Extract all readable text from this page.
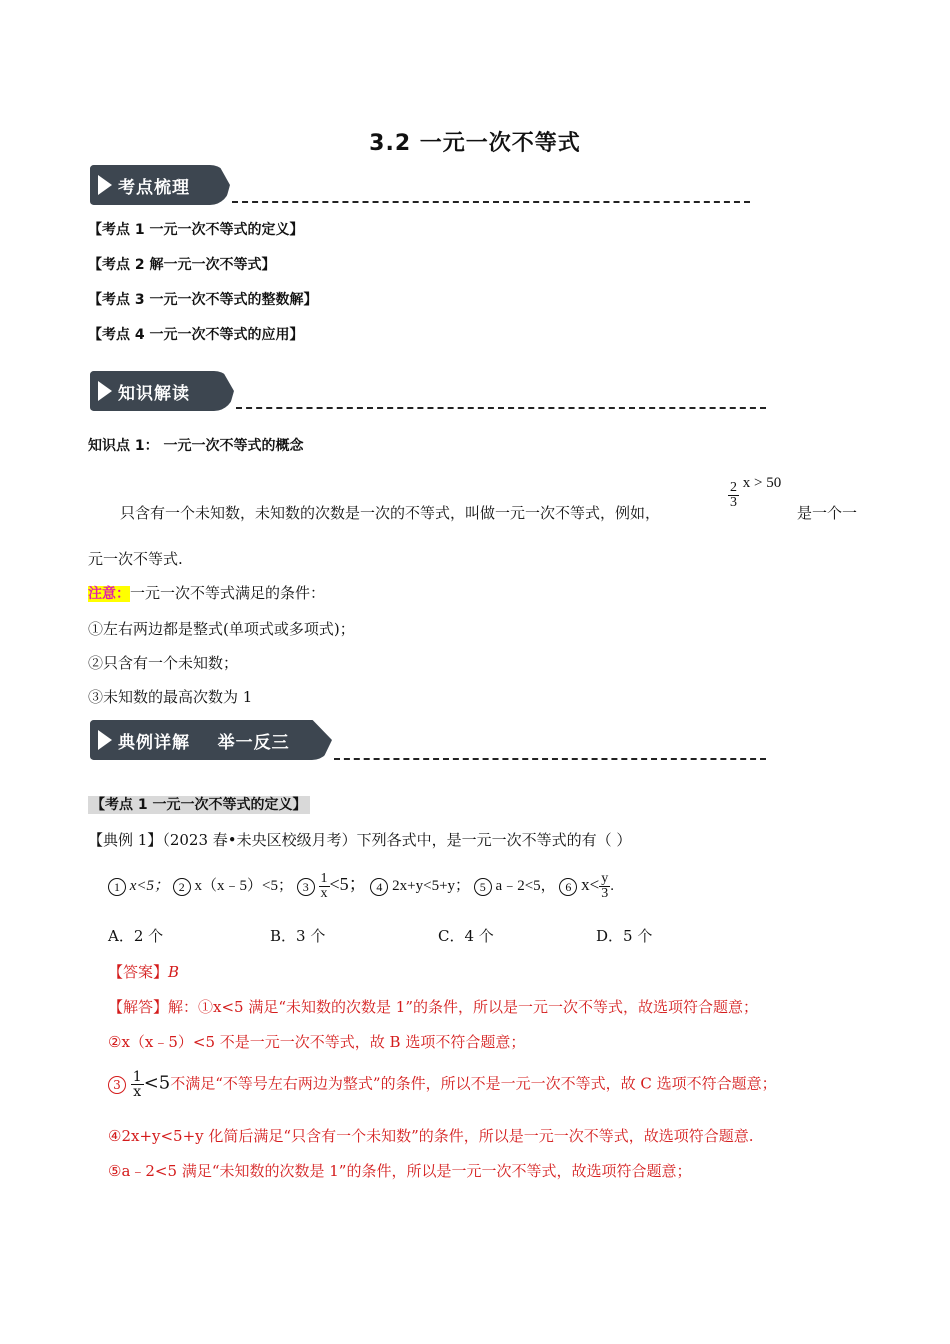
3.2 一元一次不等式
考点梳理
【考点 1 一元一次不等式的定义】
【考点 2 解一元一次不等式】
【考点 3 一元一次不等式的整数解】
【考点 4 一元一次不等式的应用】
知识解读
知识点 1： 一元一次不等式的概念
只含有一个未知数，未知数的次数是一次的不等式，叫做一元一次不等式，例如，
$\frac{2}{3}$ x > 50
是一个一
元一次不等式.
注意：一元一次不等式满足的条件：
①左右两边都是整式(单项式或多项式)；
②只含有一个未知数；
③未知数的最高次数为 1
典例详解    举一反三
【考点 1 一元一次不等式的定义】
【典例 1】（2023 春•未央区校级月考）下列各式中，是一元一次不等式的有（ ）
1 x<5； 2 x（x﹣5）<5； $3 \frac{1}{x} <5$； 4 2x+y<5+y； 5 a﹣2<5， 6 $x< \frac{y}{3}$ .
A．2 个	B．3 个	C．4 个	D．5 个
【答案】B
【解答】解：①x<5 满足“未知数的次数是 1”的条件，所以是一元一次不等式，故选项符合题意；
②x（x﹣5）<5 不是一元一次不等式，故 B 选项不符合题意；
$3 \frac{1}{x} <5$不满足“不等号左右两边为整式”的条件，所以不是一元一次不等式，故 C 选项不符合题意；
④2x+y<5+y 化简后满足“只含有一个未知数”的条件，所以是一元一次不等式，故选项符合题意.
⑤a﹣2<5 满足“未知数的次数是 1”的条件，所以是一元一次不等式，故选项符合题意；
